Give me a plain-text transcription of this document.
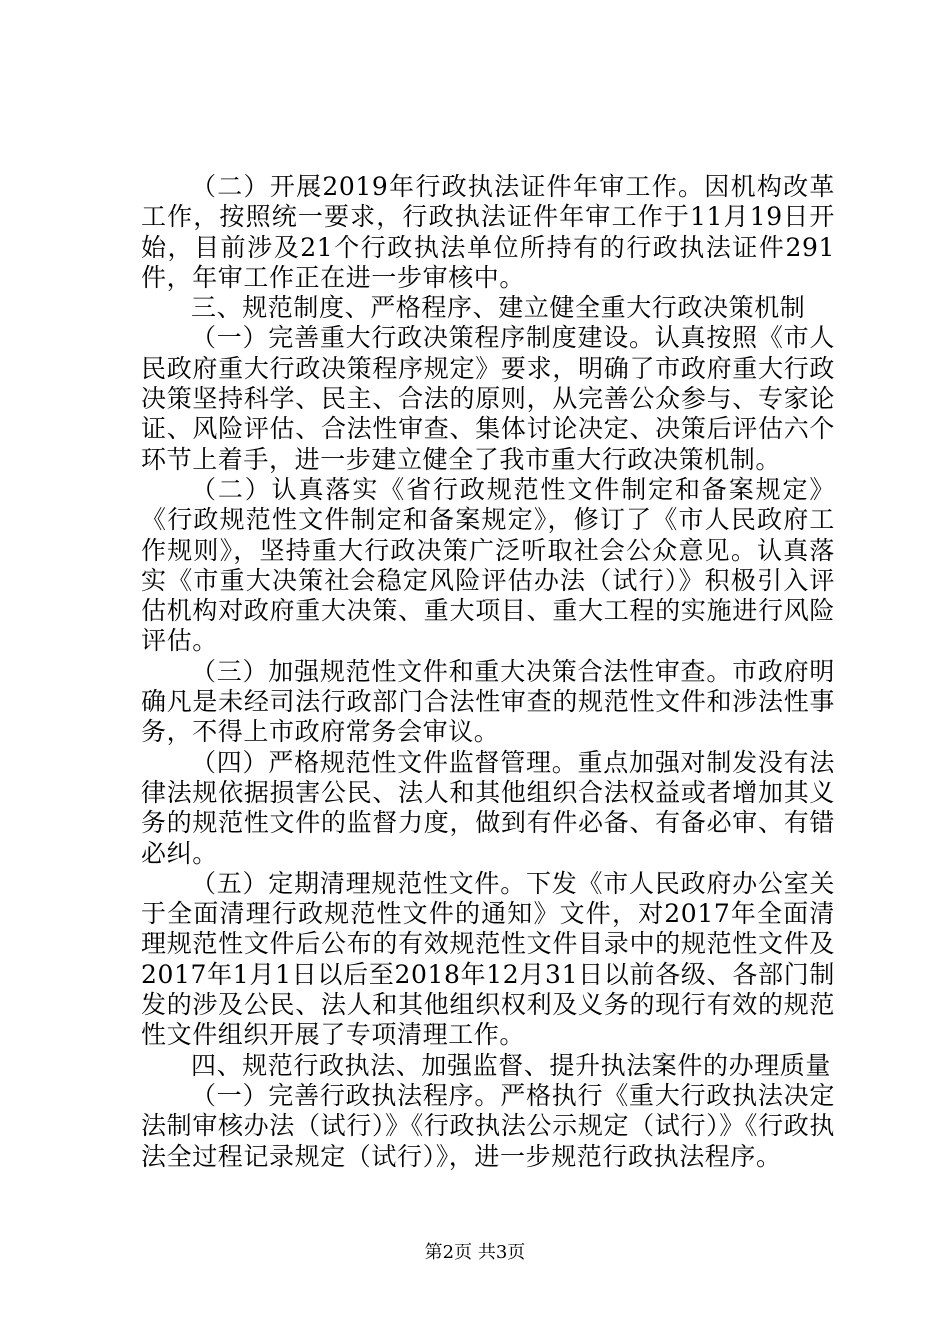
（二）开展2019年行政执法证件年审工作。因机构改革工作，按照统一要求，行政执法证件年审工作于11月19日开始，目前涉及21个行政执法单位所持有的行政执法证件291件，年审工作正在进一步审核中。

三、规范制度、严格程序、建立健全重大行政决策机制

（一）完善重大行政决策程序制度建设。认真按照《市人民政府重大行政决策程序规定》要求，明确了市政府重大行政决策坚持科学、民主、合法的原则，从完善公众参与、专家论证、风险评估、合法性审查、集体讨论决定、决策后评估六个环节上着手，进一步建立健全了我市重大行政决策机制。

（二）认真落实《省行政规范性文件制定和备案规定》《行政规范性文件制定和备案规定》，修订了《市人民政府工作规则》，坚持重大行政决策广泛听取社会公众意见。认真落实《市重大决策社会稳定风险评估办法（试行）》积极引入评估机构对政府重大决策、重大项目、重大工程的实施进行风险评估。

（三）加强规范性文件和重大决策合法性审查。市政府明确凡是未经司法行政部门合法性审查的规范性文件和涉法性事务，不得上市政府常务会审议。

（四）严格规范性文件监督管理。重点加强对制发没有法律法规依据损害公民、法人和其他组织合法权益或者增加其义务的规范性文件的监督力度，做到有件必备、有备必审、有错必纠。

（五）定期清理规范性文件。下发《市人民政府办公室关于全面清理行政规范性文件的通知》文件，对2017年全面清理规范性文件后公布的有效规范性文件目录中的规范性文件及2017年1月1日以后至2018年12月31日以前各级、各部门制发的涉及公民、法人和其他组织权利及义务的现行有效的规范性文件组织开展了专项清理工作。

四、规范行政执法、加强监督、提升执法案件的办理质量

（一）完善行政执法程序。严格执行《重大行政执法决定法制审核办法（试行）》《行政执法公示规定（试行）》《行政执法全过程记录规定（试行）》，进一步规范行政执法程序。

第2页 共3页
